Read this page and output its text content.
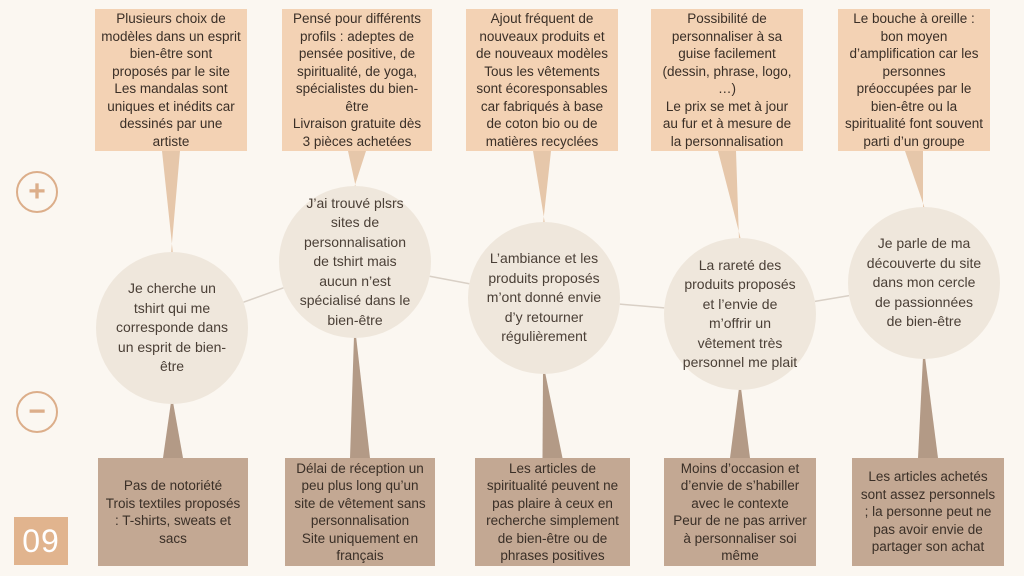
+
−
Plusieurs choix de modèles dans un esprit bien-être sont proposés par le site
Les mandalas sont uniques et inédits car dessinés par une artiste
Pensé pour différents profils : adeptes de pensée positive, de spiritualité, de yoga, spécialistes du bien-être
Livraison gratuite dès 3 pièces achetées
Ajout fréquent de nouveaux produits et de nouveaux modèles
Tous les vêtements sont écoresponsables car fabriqués à base de coton bio ou de matières recyclées
Possibilité de personnaliser à sa guise facilement (dessin, phrase, logo, …)
Le prix se met à jour au fur et à mesure de la personnalisation
Le bouche à oreille : bon moyen d’amplification car les personnes préoccupées par le bien-être ou la spiritualité font souvent parti d’un groupe
Je cherche un tshirt qui me corresponde dans un esprit de bien-être
J’ai trouvé plsrs sites de personnalisation de tshirt mais aucun n’est spécialisé dans le bien-être
L’ambiance et les produits proposés m’ont donné envie d’y retourner régulièrement
La rareté des produits proposés et l’envie de m’offrir un vêtement très personnel me plait
Je parle de ma découverte du site dans mon cercle de passionnées de bien-être
Pas de notoriété
Trois textiles proposés : T-shirts, sweats et sacs
Délai de réception un peu plus long qu’un site de vêtement sans personnalisation
Site uniquement en français
Les articles de spiritualité peuvent ne pas plaire à ceux en recherche simplement de bien-être ou de phrases positives
Moins d’occasion et d’envie de s’habiller avec le contexte
Peur de ne pas arriver à personnaliser soi même
Les articles achetés sont assez personnels ; la personne peut ne pas avoir envie de partager son achat
09
